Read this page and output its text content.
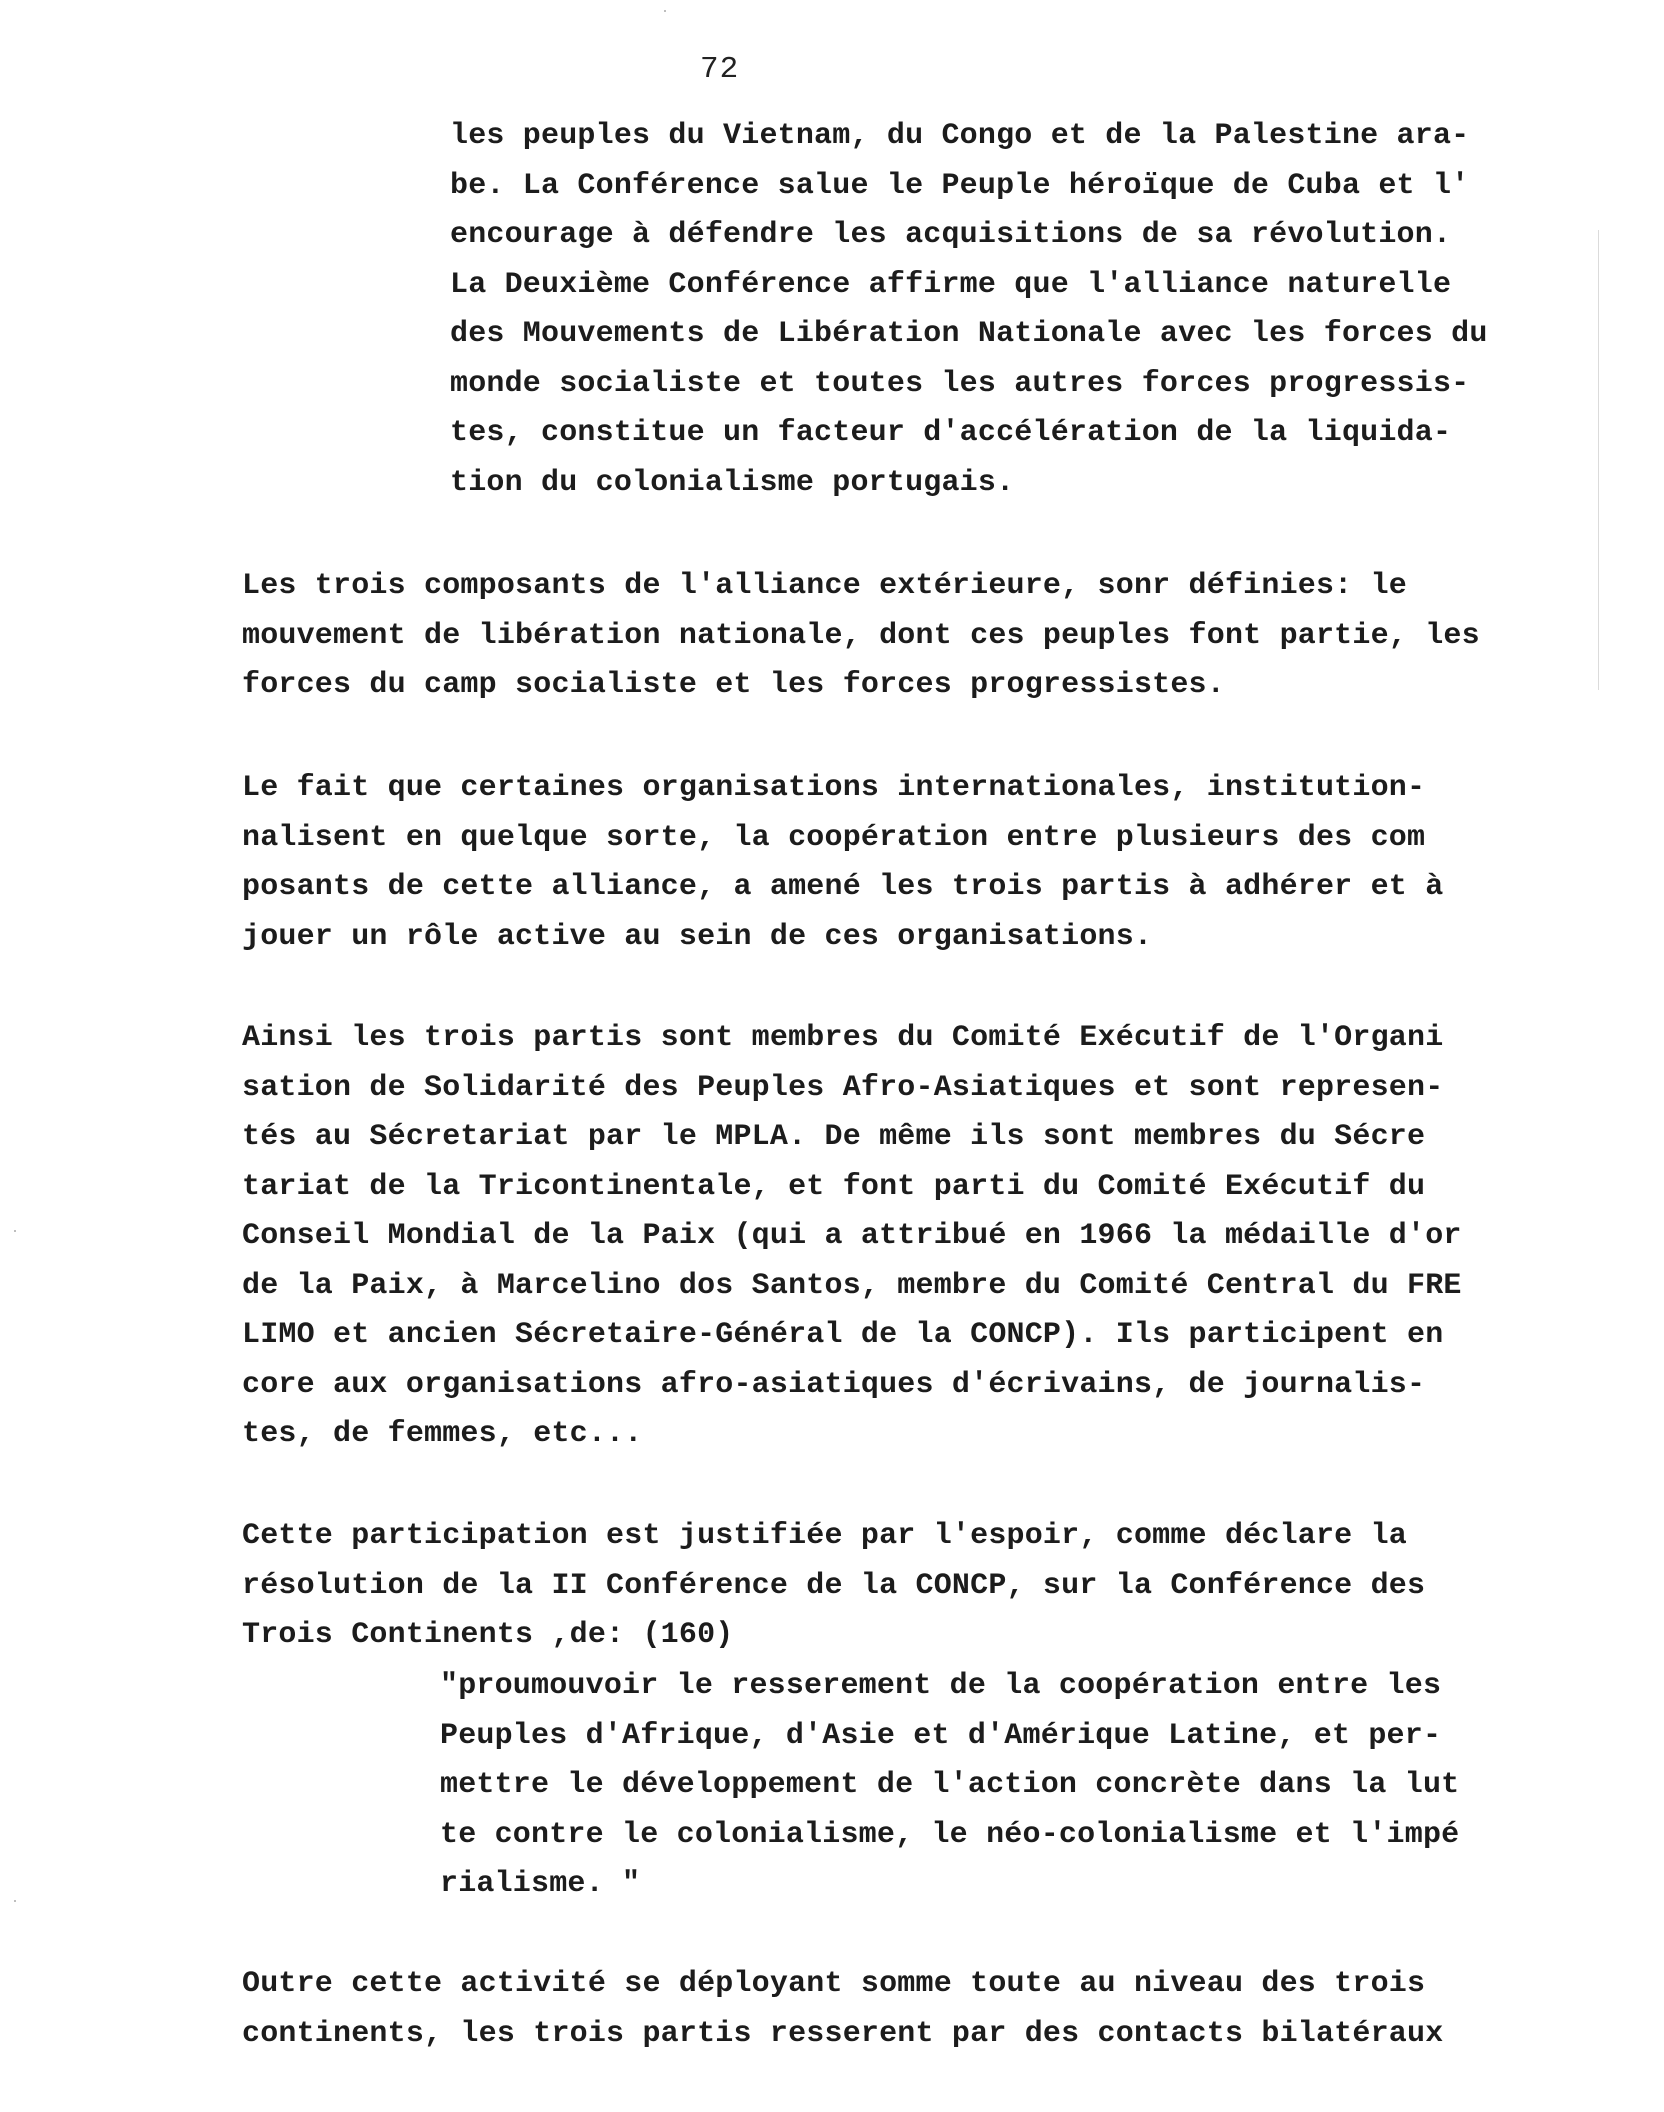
72
les peuples du Vietnam, du Congo et de la Palestine ara-
be. La Conférence salue le Peuple héroïque de Cuba et l'
encourage à défendre les acquisitions de sa révolution.
La Deuxième Conférence affirme que l'alliance naturelle
des Mouvements de Libération Nationale avec les forces du
monde socialiste et toutes les autres forces progressis-
tes, constitue un facteur d'accélération de la liquida-
tion du colonialisme portugais.
Les trois composants de l'alliance extérieure, sonr définies: le
mouvement de libération nationale, dont ces peuples font partie, les
forces du camp socialiste et les forces progressistes.
Le fait que certaines organisations internationales, institution-
nalisent en quelque sorte, la coopération entre plusieurs des com
posants de cette alliance, a amené les trois partis à adhérer et à
jouer un rôle active au sein de ces organisations.
Ainsi les trois partis sont membres du Comité Exécutif de l'Organi
sation de Solidarité des Peuples Afro-Asiatiques et sont represen-
tés au Sécretariat par le MPLA. De même ils sont membres du Sécre
tariat de la Tricontinentale, et font parti du Comité Exécutif du
Conseil Mondial de la Paix (qui a attribué en 1966 la médaille d'or
de la Paix, à Marcelino dos Santos, membre du Comité Central du FRE
LIMO et ancien Sécretaire-Général de la CONCP). Ils participent en
core aux organisations afro-asiatiques d'écrivains, de journalis-
tes, de femmes, etc...
Cette participation est justifiée par l'espoir, comme déclare la
résolution de la II Conférence de la CONCP, sur la Conférence des
Trois Continents ,de: (160)
"proumouvoir le resserement de la coopération entre les
Peuples d'Afrique, d'Asie et d'Amérique Latine, et per-
mettre le développement de l'action concrète dans la lut
te contre le colonialisme, le néo-colonialisme et l'impé
rialisme. "
Outre cette activité se déployant somme toute au niveau des trois
continents, les trois partis resserent par des contacts bilatéraux
